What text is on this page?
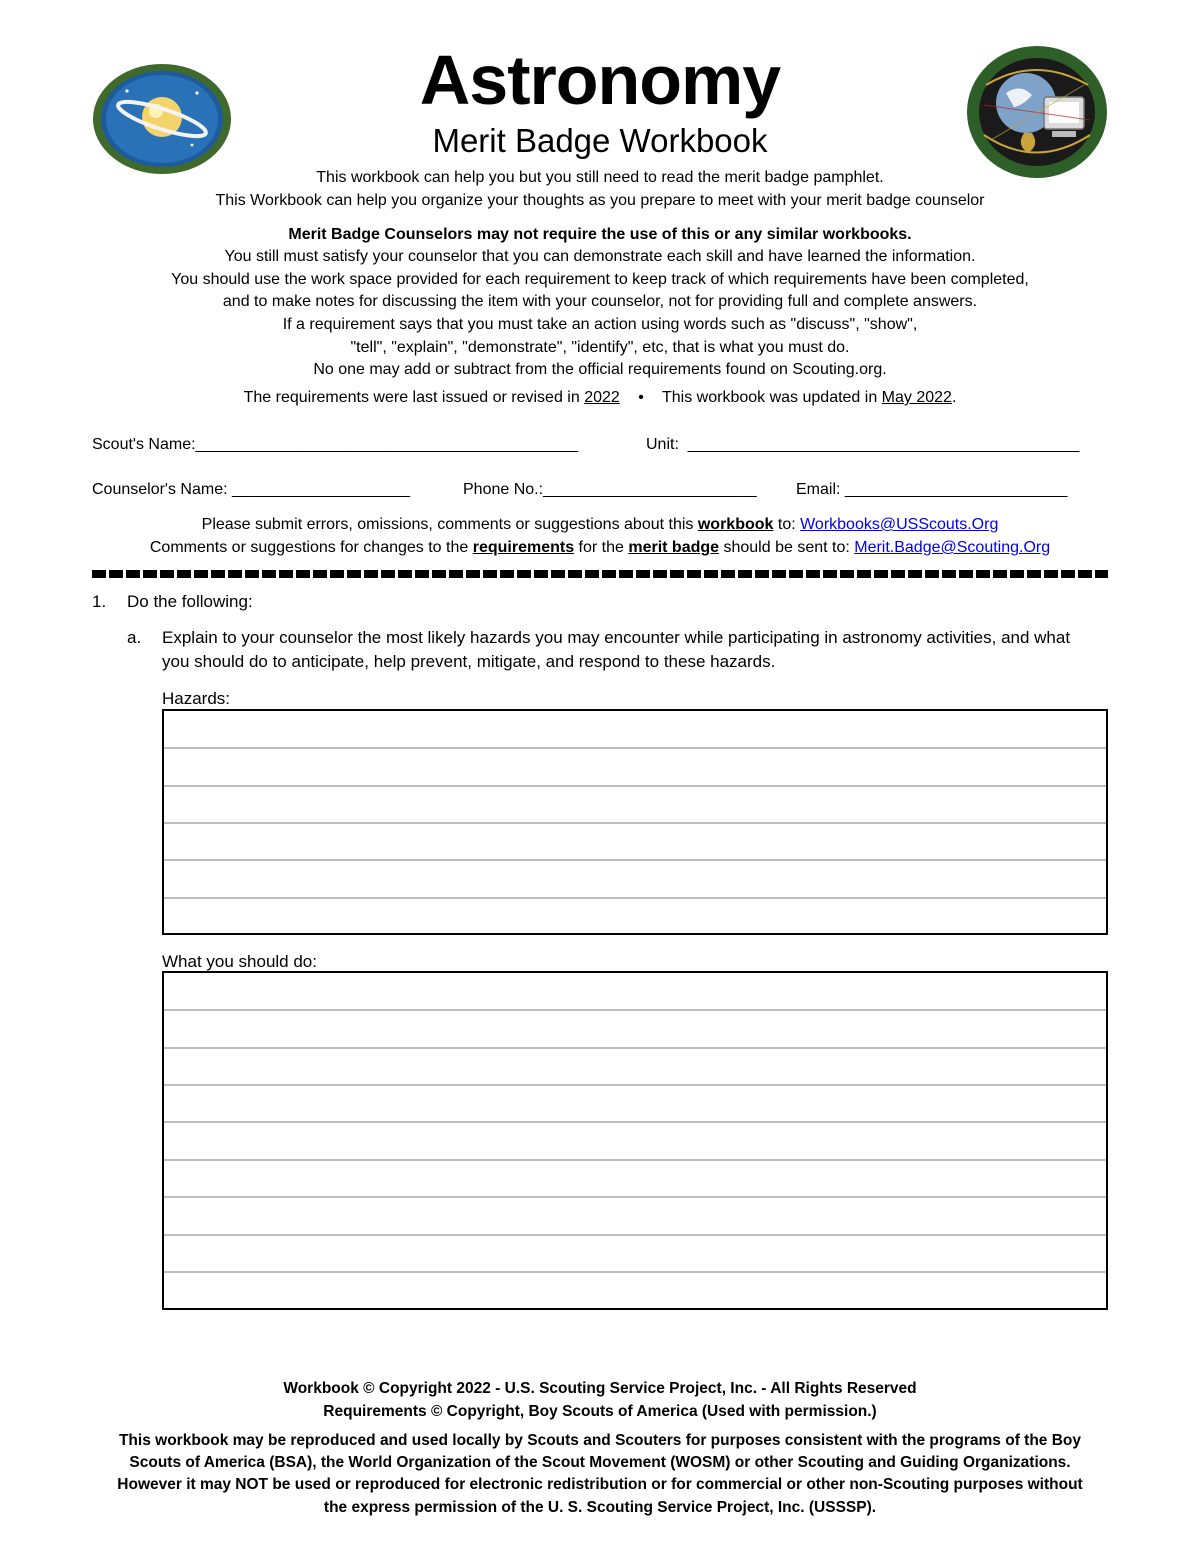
Astronomy
Merit Badge Workbook
This workbook can help you but you still need to read the merit badge pamphlet.
This Workbook can help you organize your thoughts as you prepare to meet with your merit badge counselor
Merit Badge Counselors may not require the use of this or any similar workbooks.
You still must satisfy your counselor that you can demonstrate each skill and have learned the information.
You should use the work space provided for each requirement to keep track of which requirements have been completed,
and to make notes for discussing the item with your counselor, not for providing full and complete answers.
If a requirement says that you must take an action using words such as "discuss", "show",
"tell", "explain", "demonstrate", "identify", etc, that is what you must do.
No one may add or subtract from the official requirements found on Scouting.org.
The requirements were last issued or revised in 2022 • This workbook was updated in May 2022.
Scout's Name:___________________________________________	Unit: ____________________________________________
Counselor's Name: ____________________	Phone No.:________________________ Email: _________________________
Please submit errors, omissions, comments or suggestions about this workbook to: Workbooks@USScouts.Org
Comments or suggestions for changes to the requirements for the merit badge should be sent to: Merit.Badge@Scouting.Org
1. Do the following:
a. Explain to your counselor the most likely hazards you may encounter while participating in astronomy activities, and what
you should do to anticipate, help prevent, mitigate, and respond to these hazards.
Hazards:
What you should do:
Workbook © Copyright 2022 - U.S. Scouting Service Project, Inc. - All Rights Reserved
Requirements © Copyright, Boy Scouts of America (Used with permission.)
This workbook may be reproduced and used locally by Scouts and Scouters for purposes consistent with the programs of the Boy
Scouts of America (BSA), the World Organization of the Scout Movement (WOSM) or other Scouting and Guiding Organizations.
However it may NOT be used or reproduced for electronic redistribution or for commercial or other non-Scouting purposes without
the express permission of the U. S. Scouting Service Project, Inc. (USSSP).
